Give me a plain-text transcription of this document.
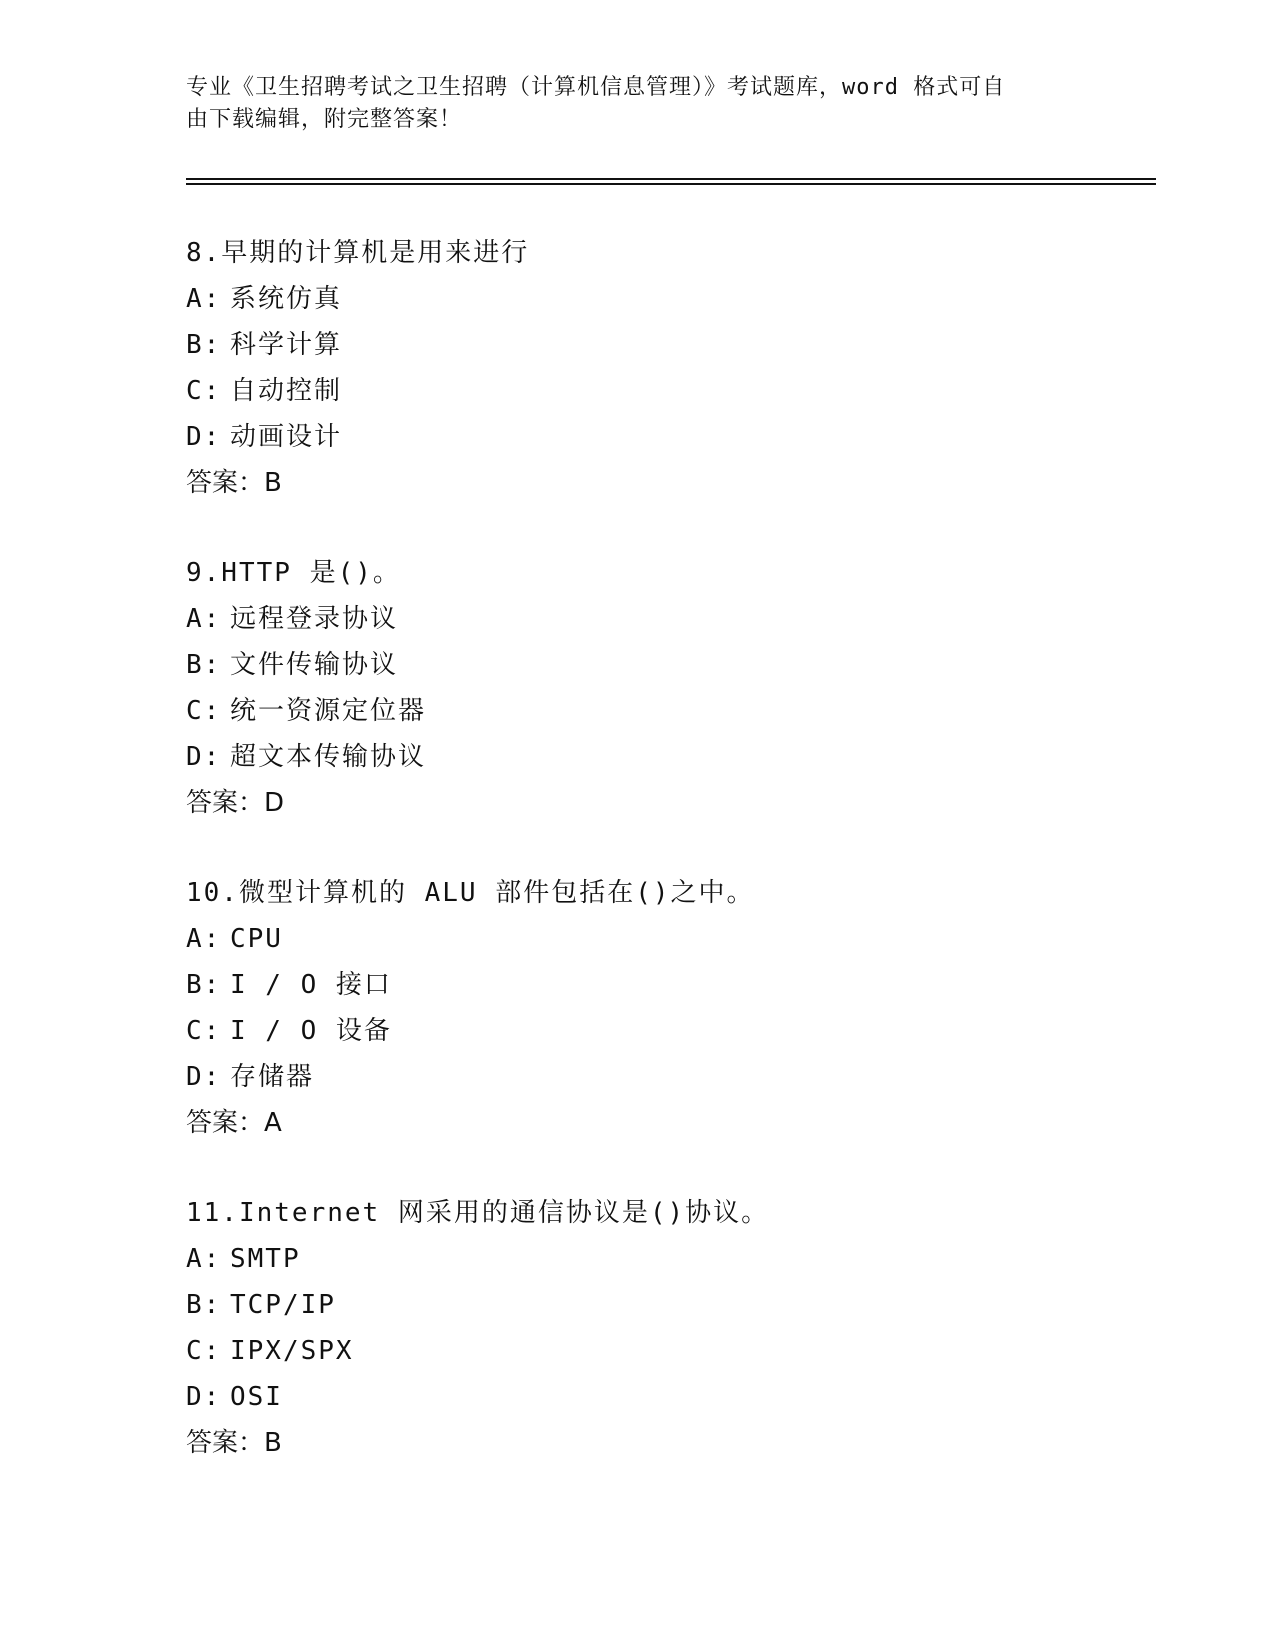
专业《卫生招聘考试之卫生招聘（计算机信息管理）》考试题库，word 格式可自
由下载编辑，附完整答案！
8.早期的计算机是用来进行
A: 系统仿真
B: 科学计算
C: 自动控制
D: 动画设计
答案：B
9.HTTP 是()。
A: 远程登录协议
B: 文件传输协议
C: 统一资源定位器
D: 超文本传输协议
答案：D
10.微型计算机的 ALU 部件包括在()之中。
A: CPU
B: I / O 接口
C: I / O 设备
D: 存储器
答案：A
11.Internet 网采用的通信协议是()协议。
A: SMTP
B: TCP/IP
C: IPX/SPX
D: OSI
答案：B
